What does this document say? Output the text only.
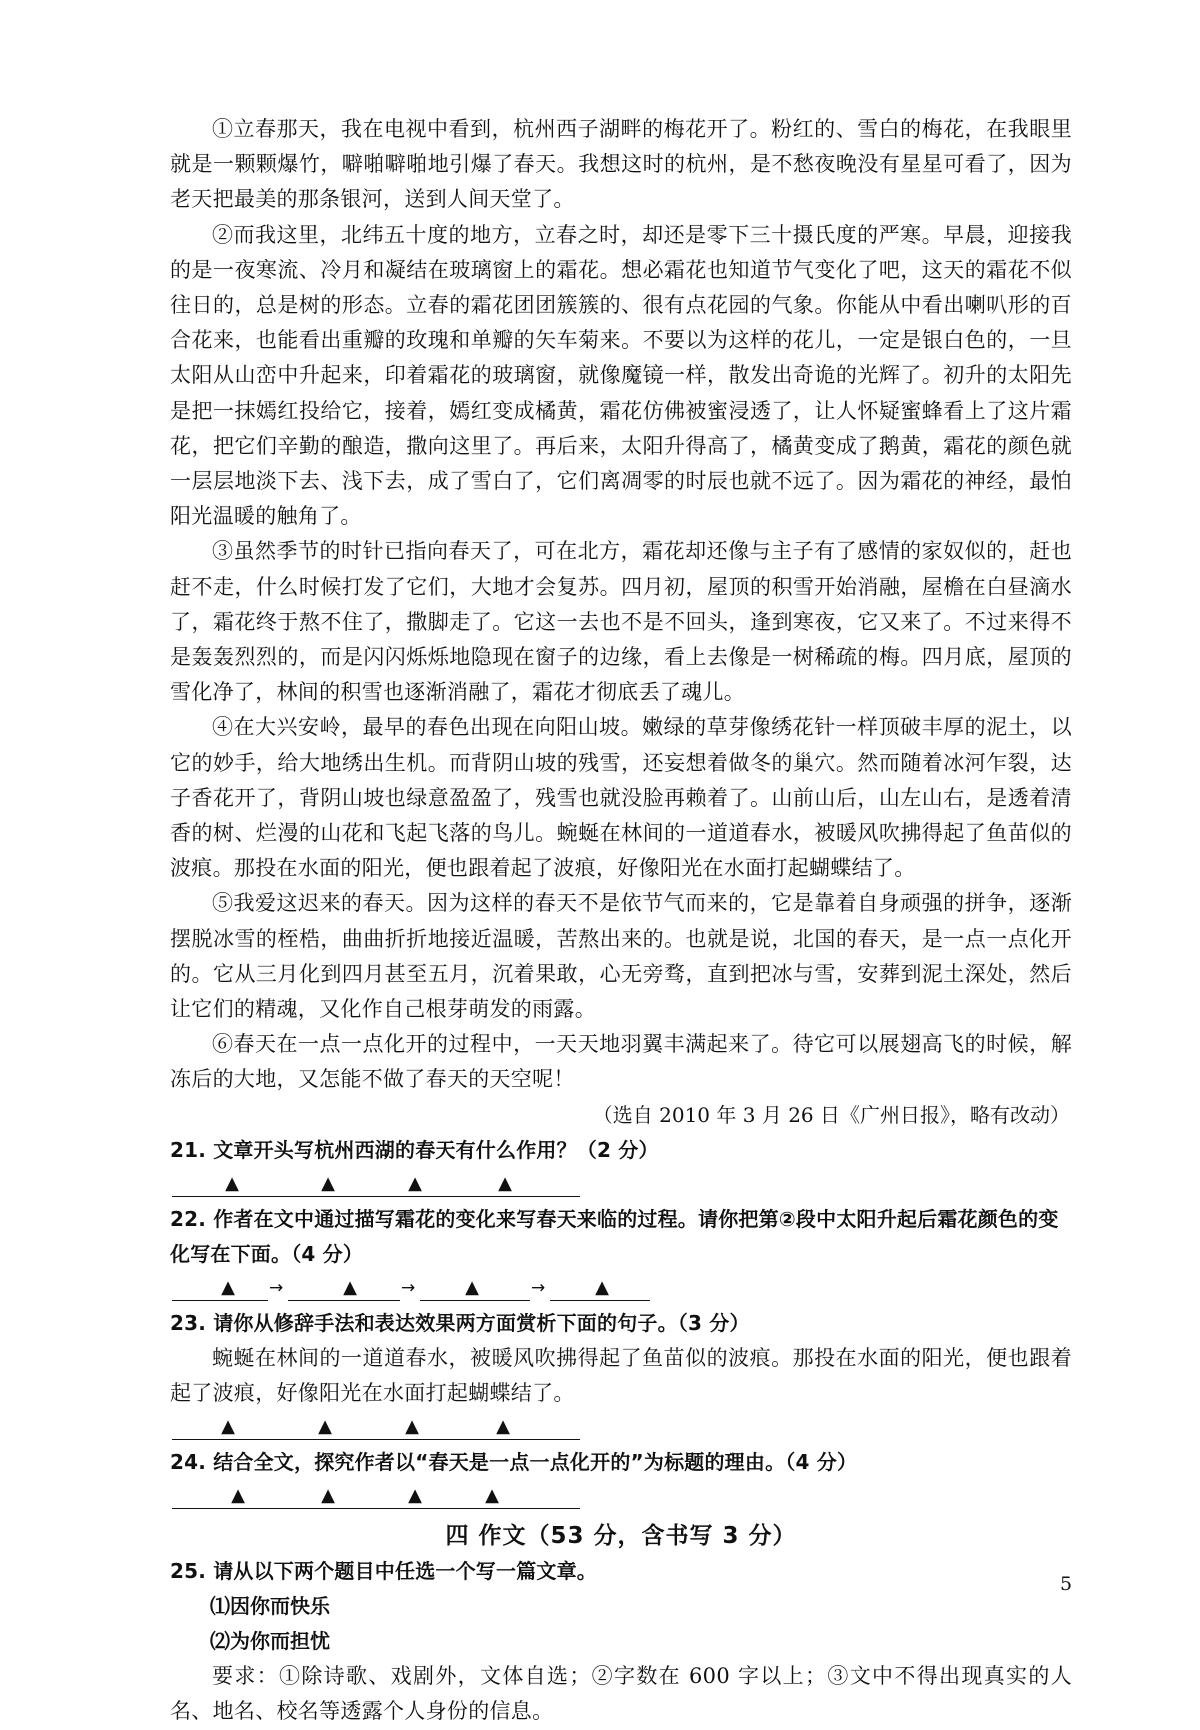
①立春那天，我在电视中看到，杭州西子湖畔的梅花开了。粉红的、雪白的梅花，在我眼里就是一颗颗爆竹，噼啪噼啪地引爆了春天。我想这时的杭州，是不愁夜晚没有星星可看了，因为老天把最美的那条银河，送到人间天堂了。

②而我这里，北纬五十度的地方，立春之时，却还是零下三十摄氏度的严寒。早晨，迎接我的是一夜寒流、冷月和凝结在玻璃窗上的霜花。想必霜花也知道节气变化了吧，这天的霜花不似往日的，总是树的形态。立春的霜花团团簇簇的、很有点花园的气象。你能从中看出喇叭形的百合花来，也能看出重瓣的玫瑰和单瓣的矢车菊来。不要以为这样的花儿，一定是银白色的，一旦太阳从山峦中升起来，印着霜花的玻璃窗，就像魔镜一样，散发出奇诡的光辉了。初升的太阳先是把一抹嫣红投给它，接着，嫣红变成橘黄，霜花仿佛被蜜浸透了，让人怀疑蜜蜂看上了这片霜花，把它们辛勤的酿造，撒向这里了。再后来，太阳升得高了，橘黄变成了鹅黄，霜花的颜色就一层层地淡下去、浅下去，成了雪白了，它们离凋零的时辰也就不远了。因为霜花的神经，最怕阳光温暖的触角了。

③虽然季节的时针已指向春天了，可在北方，霜花却还像与主子有了感情的家奴似的，赶也赶不走，什么时候打发了它们，大地才会复苏。四月初，屋顶的积雪开始消融，屋檐在白昼滴水了，霜花终于熬不住了，撒脚走了。它这一去也不是不回头，逢到寒夜，它又来了。不过来得不是轰轰烈烈的，而是闪闪烁烁地隐现在窗子的边缘，看上去像是一树稀疏的梅。四月底，屋顶的雪化净了，林间的积雪也逐渐消融了，霜花才彻底丢了魂儿。

④在大兴安岭，最早的春色出现在向阳山坡。嫩绿的草芽像绣花针一样顶破丰厚的泥土，以它的妙手，给大地绣出生机。而背阴山坡的残雪，还妄想着做冬的巢穴。然而随着冰河乍裂，达子香花开了，背阴山坡也绿意盈盈了，残雪也就没脸再赖着了。山前山后，山左山右，是透着清香的树、烂漫的山花和飞起飞落的鸟儿。蜿蜒在林间的一道道春水，被暖风吹拂得起了鱼苗似的波痕。那投在水面的阳光，便也跟着起了波痕，好像阳光在水面打起蝴蝶结了。

⑤我爱这迟来的春天。因为这样的春天不是依节气而来的，它是靠着自身顽强的拼争，逐渐摆脱冰雪的桎梏，曲曲折折地接近温暖，苦熬出来的。也就是说，北国的春天，是一点一点化开的。它从三月化到四月甚至五月，沉着果敢，心无旁骛，直到把冰与雪，安葬到泥土深处，然后让它们的精魂，又化作自己根芽萌发的雨露。

⑥春天在一点一点化开的过程中，一天天地羽翼丰满起来了。待它可以展翅高飞的时候，解冻后的大地，又怎能不做了春天的天空呢！

（选自 2010 年 3 月 26 日《广州日报》，略有改动）

21. 文章开头写杭州西湖的春天有什么作用？（2 分）

▲	▲	▲	▲

22. 作者在文中通过描写霜花的变化来写春天来临的过程。请你把第②段中太阳升起后霜花颜色的变化写在下面。（4 分）

▲ →	▲	→	▲	→	▲

23. 请你从修辞手法和表达效果两方面赏析下面的句子。（3 分）

蜿蜒在林间的一道道春水，被暖风吹拂得起了鱼苗似的波痕。那投在水面的阳光，便也跟着起了波痕，好像阳光在水面打起蝴蝶结了。

▲	▲	▲	▲

24. 结合全文，探究作者以“春天是一点一点化开的”为标题的理由。（4 分）

▲	▲	▲	▲

四 作文（53 分，含书写 3 分）

25. 请从以下两个题目中任选一个写一篇文章。

⑴因你而快乐

⑵为你而担忧

要求：①除诗歌、戏剧外，文体自选；②字数在 600 字以上；③文中不得出现真实的人名、地名、校名等透露个人身份的信息。

5
